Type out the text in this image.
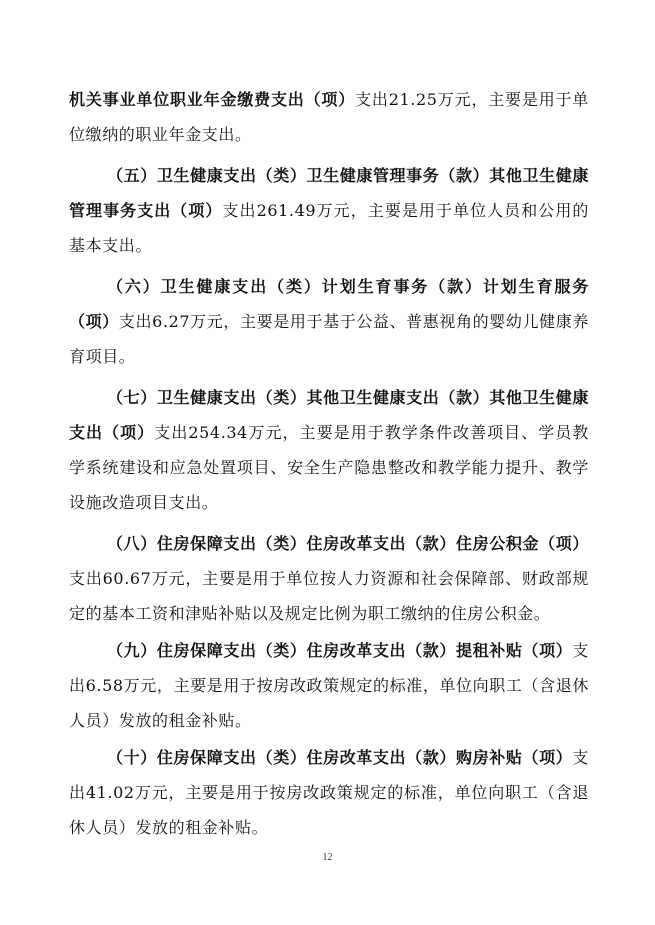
机关事业单位职业年金缴费支出（项）支出21.25万元，主要是用于单位缴纳的职业年金支出。

（五）卫生健康支出（类）卫生健康管理事务（款）其他卫生健康管理事务支出（项）支出261.49万元，主要是用于单位人员和公用的基本支出。

（六）卫生健康支出（类）计划生育事务（款）计划生育服务（项）支出6.27万元，主要是用于基于公益、普惠视角的婴幼儿健康养育项目。

（七）卫生健康支出（类）其他卫生健康支出（款）其他卫生健康支出（项）支出254.34万元，主要是用于教学条件改善项目、学员教学系统建设和应急处置项目、安全生产隐患整改和教学能力提升、教学设施改造项目支出。

（八）住房保障支出（类）住房改革支出（款）住房公积金（项）支出60.67万元，主要是用于单位按人力资源和社会保障部、财政部规定的基本工资和津贴补贴以及规定比例为职工缴纳的住房公积金。

（九）住房保障支出（类）住房改革支出（款）提租补贴（项）支出6.58万元，主要是用于按房改政策规定的标准，单位向职工（含退休人员）发放的租金补贴。

（十）住房保障支出（类）住房改革支出（款）购房补贴（项）支出41.02万元，主要是用于按房改政策规定的标准，单位向职工（含退休人员）发放的租金补贴。

12
